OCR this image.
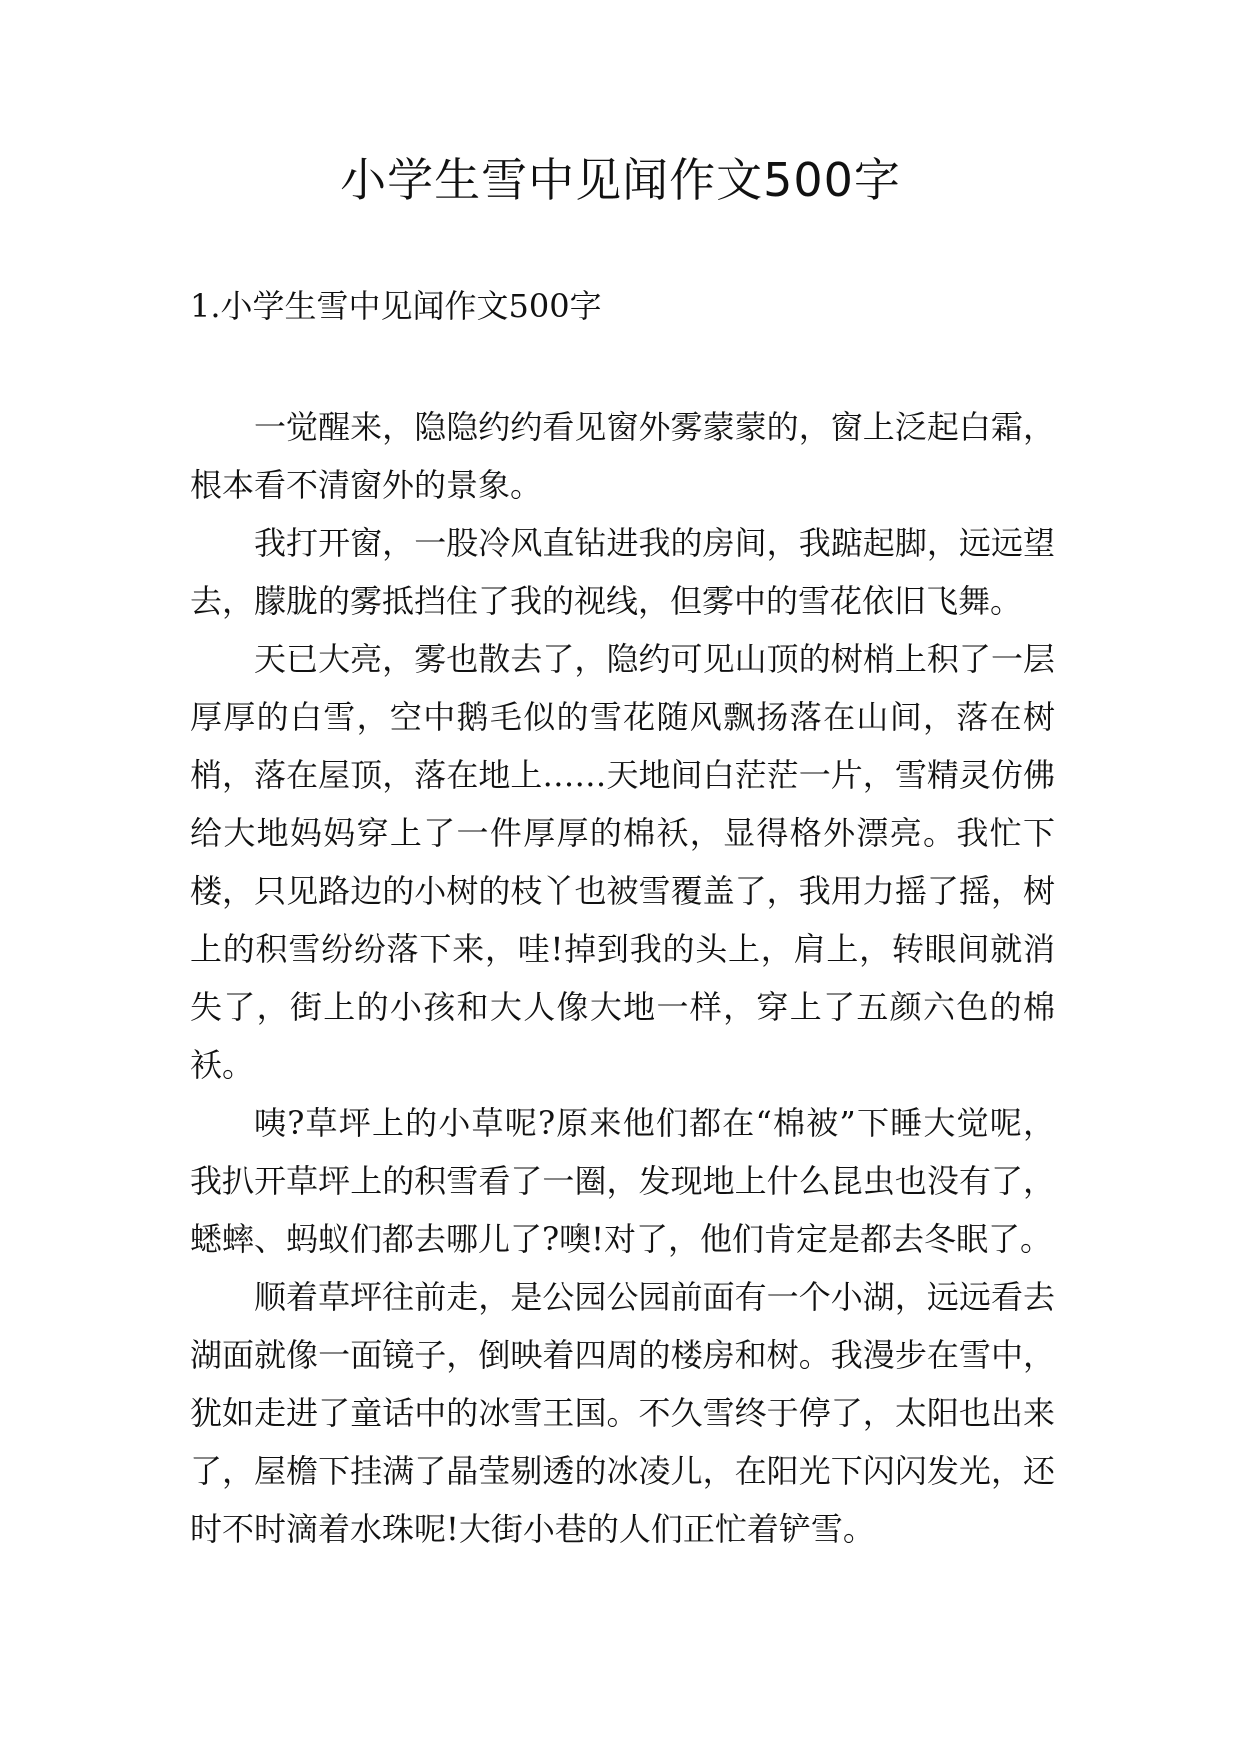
小学生雪中见闻作文500字
1.小学生雪中见闻作文500字

一觉醒来，隐隐约约看见窗外雾蒙蒙的，窗上泛起白霜，根本看不清窗外的景象。

我打开窗，一股冷风直钻进我的房间，我踮起脚，远远望去，朦胧的雾抵挡住了我的视线，但雾中的雪花依旧飞舞。

天已大亮，雾也散去了，隐约可见山顶的树梢上积了一层厚厚的白雪，空中鹅毛似的雪花随风飘扬落在山间，落在树梢，落在屋顶，落在地上……天地间白茫茫一片，雪精灵仿佛给大地妈妈穿上了一件厚厚的棉袄，显得格外漂亮。我忙下楼，只见路边的小树的枝丫也被雪覆盖了，我用力摇了摇，树上的积雪纷纷落下来，哇!掉到我的头上，肩上，转眼间就消失了，街上的小孩和大人像大地一样，穿上了五颜六色的棉袄。

咦?草坪上的小草呢?原来他们都在“棉被”下睡大觉呢，我扒开草坪上的积雪看了一圈，发现地上什么昆虫也没有了，蟋蟀、蚂蚁们都去哪儿了?噢!对了，他们肯定是都去冬眠了。

顺着草坪往前走，是公园公园前面有一个小湖，远远看去湖面就像一面镜子，倒映着四周的楼房和树。我漫步在雪中，犹如走进了童话中的冰雪王国。不久雪终于停了，太阳也出来了，屋檐下挂满了晶莹剔透的冰凌儿，在阳光下闪闪发光，还时不时滴着水珠呢!大街小巷的人们正忙着铲雪。
